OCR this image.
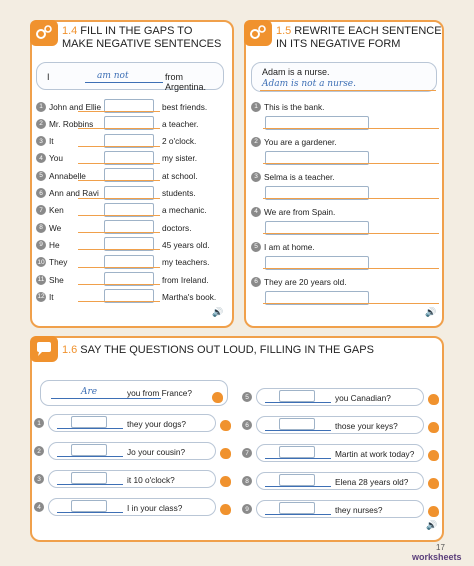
1.4 FILL IN THE GAPS TO
MAKE NEGATIVE SENTENCES
I	am not	from Argentina.
1 John and Ellie	best friends.
2 Mr. Robbins	a teacher.
3 It	2 o'clock.
4 You	my sister.
5 Annabelle	at school.
6 Ann and Ravi	students.
7 Ken	a mechanic.
8 We	doctors.
9 He	45 years old.
10 They	my teachers.
11 She	from Ireland.
12 It	Martha's book.
🔊
1.5 REWRITE EACH SENTENCE
IN ITS NEGATIVE FORM
Adam is a nurse.
Adam is not a nurse.
1 This is the bank.
2 You are a gardener.
3 Selma is a teacher.
4 We are from Spain.
5 I am at home.
6 They are 20 years old.
🔊
1.6 SAY THE QUESTIONS OUT LOUD, FILLING IN THE GAPS
Are	you from France?
1	they your dogs?
2	Jo your cousin?
3	it 10 o'clock?
4	I in your class?
5	you Canadian?
6	those your keys?
7	Martin at work today?
8	Elena 28 years old?
9	they nurses?
🔊
17
worksheets
